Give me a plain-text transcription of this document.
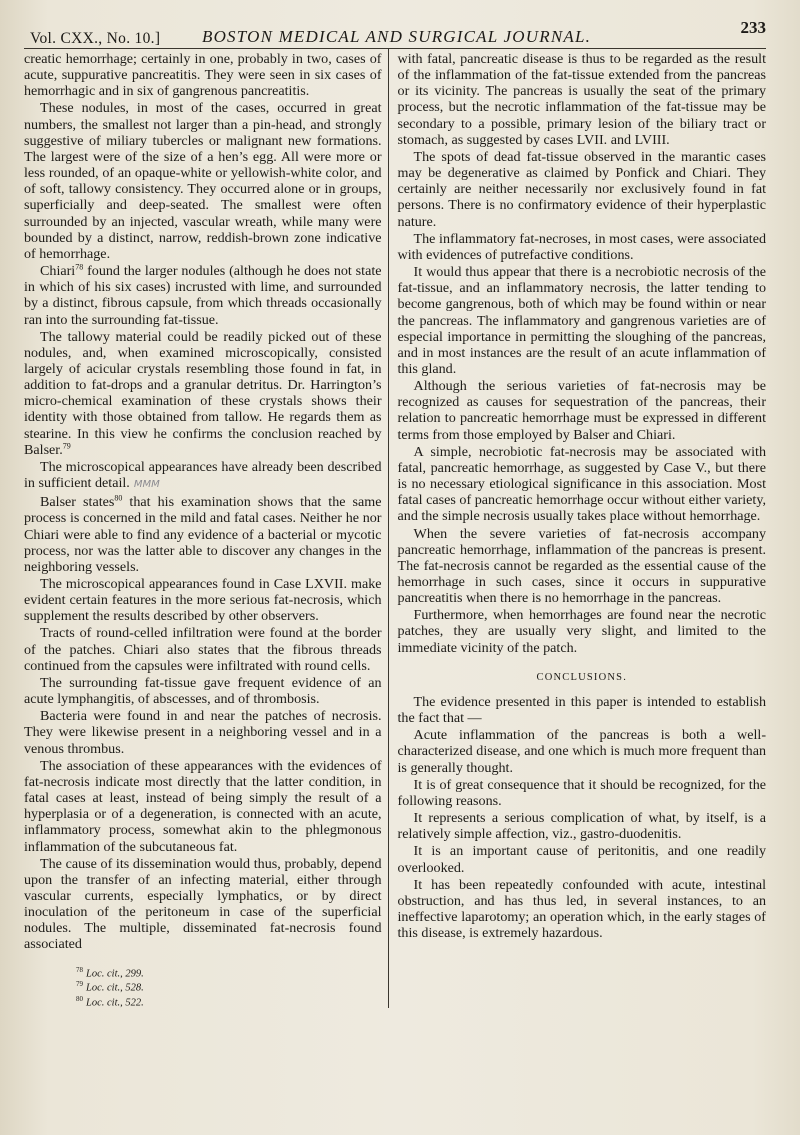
Vol. CXX., No. 10.] BOSTON MEDICAL AND SURGICAL JOURNAL.	233

creatic hemorrhage; certainly in one, probably in two, cases of acute, suppurative pancreatitis. They were seen in six cases of hemorrhagic and in six of gangrenous pancreatitis.

These nodules, in most of the cases, occurred in great numbers, the smallest not larger than a pin-head, and strongly suggestive of miliary tubercles or malignant new formations. The largest were of the size of a hen’s egg. All were more or less rounded, of an opaque-white or yellowish-white color, and of soft, tallowy consistency. They occurred alone or in groups, superficially and deep-seated. The smallest were often surrounded by an injected, vascular wreath, while many were bounded by a distinct, narrow, reddish-brown zone indicative of hemorrhage.

Chiari$^{78}$ found the larger nodules (although he does not state in which of his six cases) incrusted with lime, and surrounded by a distinct, fibrous capsule, from which threads occasionally ran into the surrounding fat-tissue.

The tallowy material could be readily picked out of these nodules, and, when examined microscopically, consisted largely of acicular crystals resembling those found in fat, in addition to fat-drops and a granular detritus. Dr. Harrington’s micro-chemical examination of these crystals shows their identity with those obtained from tallow. He regards them as stearine. In this view he confirms the conclusion reached by Balser.$^{79}$

The microscopical appearances have already been described in sufficient detail. MMM

Balser states$^{80}$ that his examination shows that the same process is concerned in the mild and fatal cases. Neither he nor Chiari were able to find any evidence of a bacterial or mycotic process, nor was the latter able to discover any changes in the neighboring vessels.

The microscopical appearances found in Case LXVII. make evident certain features in the more serious fat-necrosis, which supplement the results described by other observers.

Tracts of round-celled infiltration were found at the border of the patches. Chiari also states that the fibrous threads continued from the capsules were infiltrated with round cells.

The surrounding fat-tissue gave frequent evidence of an acute lymphangitis, of abscesses, and of thrombosis.

Bacteria were found in and near the patches of necrosis. They were likewise present in a neighboring vessel and in a venous thrombus.

The association of these appearances with the evidences of fat-necrosis indicate most directly that the latter condition, in fatal cases at least, instead of being simply the result of a hyperplasia or of a degeneration, is connected with an acute, inflammatory process, somewhat akin to the phlegmonous inflammation of the subcutaneous fat.

The cause of its dissemination would thus, probably, depend upon the transfer of an infecting material, either through vascular currents, especially lymphatics, or by direct inoculation of the peritoneum in case of the superficial nodules. The multiple, disseminated fat-necrosis found associated

$^{78}$ Loc. cit., 299.
$^{79}$ Loc. cit., 528.
$^{80}$ Loc. cit., 522.

with fatal, pancreatic disease is thus to be regarded as the result of the inflammation of the fat-tissue extended from the pancreas or its vicinity. The pancreas is usually the seat of the primary process, but the necrotic inflammation of the fat-tissue may be secondary to a possible, primary lesion of the biliary tract or stomach, as suggested by cases LVII. and LVIII.

The spots of dead fat-tissue observed in the marantic cases may be degenerative as claimed by Ponfick and Chiari. They certainly are neither necessarily nor exclusively found in fat persons. There is no confirmatory evidence of their hyperplastic nature.

The inflammatory fat-necroses, in most cases, were associated with evidences of putrefactive conditions.

It would thus appear that there is a necrobiotic necrosis of the fat-tissue, and an inflammatory necrosis, the latter tending to become gangrenous, both of which may be found within or near the pancreas. The inflammatory and gangrenous varieties are of especial importance in permitting the sloughing of the pancreas, and in most instances are the result of an acute inflammation of this gland.

Although the serious varieties of fat-necrosis may be recognized as causes for sequestration of the pancreas, their relation to pancreatic hemorrhage must be expressed in different terms from those employed by Balser and Chiari.

A simple, necrobiotic fat-necrosis may be associated with fatal, pancreatic hemorrhage, as suggested by Case V., but there is no necessary etiological significance in this association. Most fatal cases of pancreatic hemorrhage occur without either variety, and the simple necrosis usually takes place without hemorrhage.

When the severe varieties of fat-necrosis accompany pancreatic hemorrhage, inflammation of the pancreas is present. The fat-necrosis cannot be regarded as the essential cause of the hemorrhage in such cases, since it occurs in suppurative pancreatitis when there is no hemorrhage in the pancreas.

Furthermore, when hemorrhages are found near the necrotic patches, they are usually very slight, and limited to the immediate vicinity of the patch.

CONCLUSIONS.

The evidence presented in this paper is intended to establish the fact that —

Acute inflammation of the pancreas is both a well-characterized disease, and one which is much more frequent than is generally thought.

It is of great consequence that it should be recognized, for the following reasons.

It represents a serious complication of what, by itself, is a relatively simple affection, viz., gastro-duodenitis.

It is an important cause of peritonitis, and one readily overlooked.

It has been repeatedly confounded with acute, intestinal obstruction, and has thus led, in several instances, to an ineffective laparotomy; an operation which, in the early stages of this disease, is extremely hazardous.
